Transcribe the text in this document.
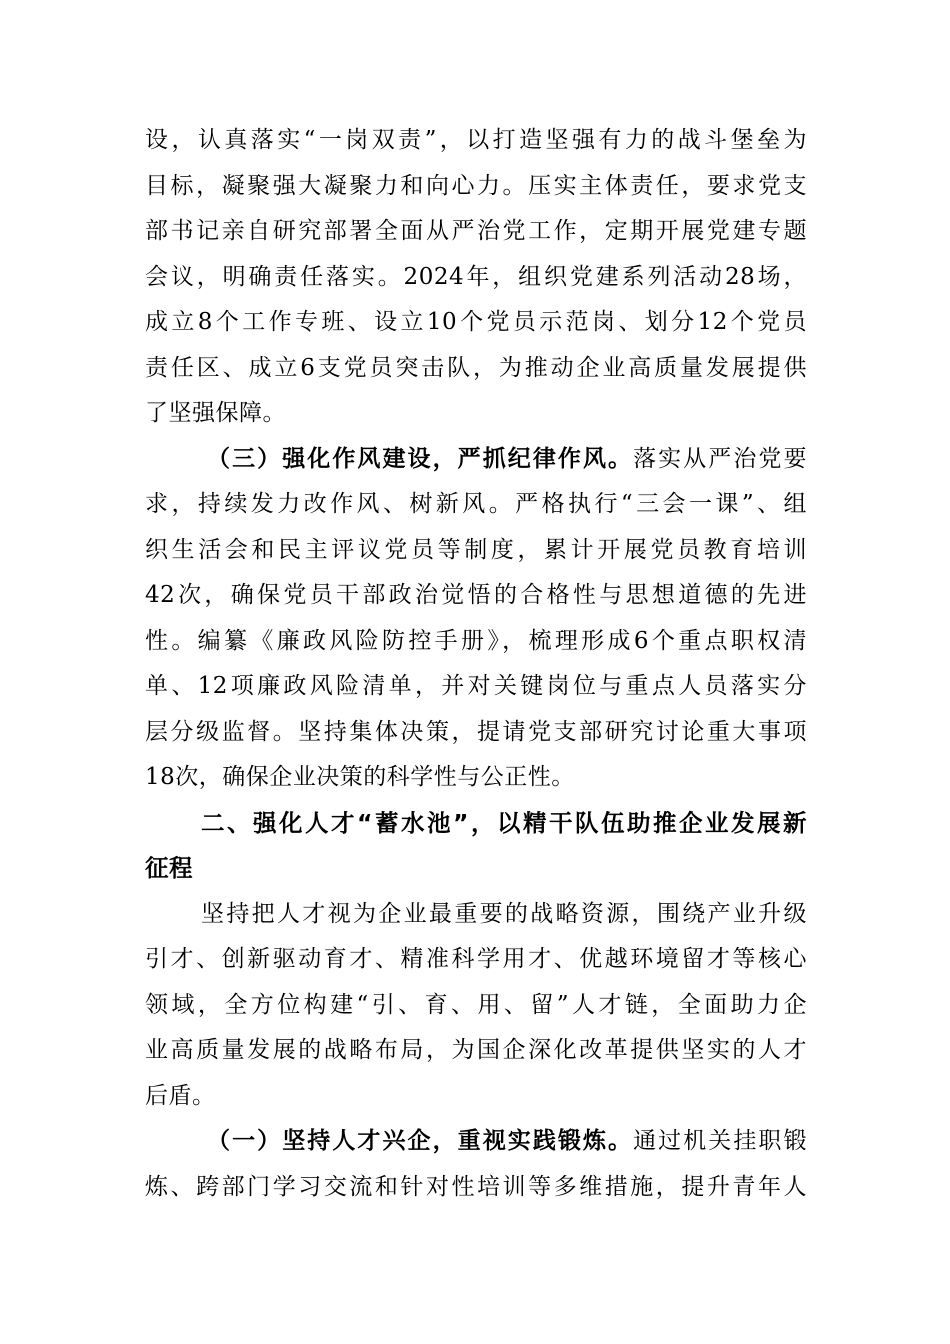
设，认真落实“一岗双责”，以打造坚强有力的战斗堡垒为
目标，凝聚强大凝聚力和向心力。压实主体责任，要求党支
部书记亲自研究部署全面从严治党工作，定期开展党建专题
会议，明确责任落实。2024年，组织党建系列活动28场，
成立8个工作专班、设立10个党员示范岗、划分12个党员
责任区、成立6支党员突击队，为推动企业高质量发展提供
了坚强保障。
（三）强化作风建设，严抓纪律作风。落实从严治党要
求，持续发力改作风、树新风。严格执行“三会一课”、组
织生活会和民主评议党员等制度，累计开展党员教育培训
42次，确保党员干部政治觉悟的合格性与思想道德的先进
性。编纂《廉政风险防控手册》，梳理形成6个重点职权清
单、12项廉政风险清单，并对关键岗位与重点人员落实分
层分级监督。坚持集体决策，提请党支部研究讨论重大事项
18次，确保企业决策的科学性与公正性。
二、强化人才“蓄水池”，以精干队伍助推企业发展新
征程
坚持把人才视为企业最重要的战略资源，围绕产业升级
引才、创新驱动育才、精准科学用才、优越环境留才等核心
领域，全方位构建“引、育、用、留”人才链，全面助力企
业高质量发展的战略布局，为国企深化改革提供坚实的人才
后盾。
（一）坚持人才兴企，重视实践锻炼。通过机关挂职锻
炼、跨部门学习交流和针对性培训等多维措施，提升青年人
